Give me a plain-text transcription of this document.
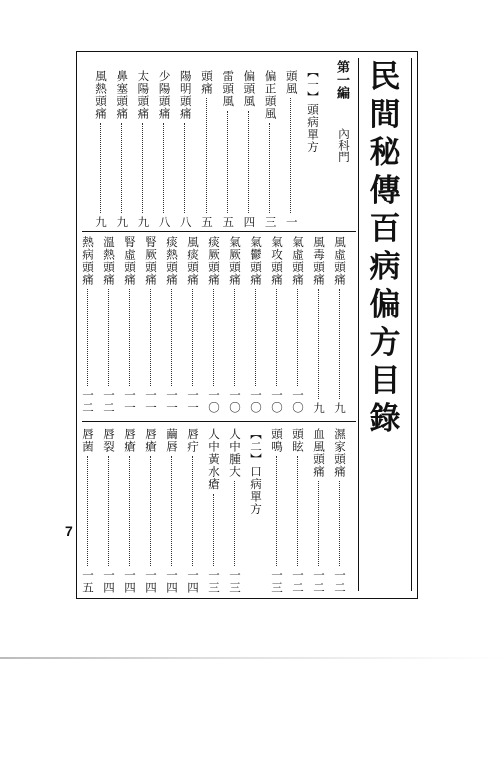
民
間
秘
傳
百
病
偏
方
目
錄
第一編
內科門
【一】頭病單方
頭風
一
偏正頭風
三
偏頭風
四
雷頭風
五
頭痛
五
陽明頭痛
八
少陽頭痛
八
太陽頭痛
九
鼻塞頭痛
九
風熱頭痛
九
風虛頭痛
九
風毒頭痛
九
氣虛頭痛
一〇
氣攻頭痛
一〇
氣鬱頭痛
一〇
氣厥頭痛
一〇
痰厥頭痛
一〇
風痰頭痛
一一
痰熱頭痛
一一
腎厥頭痛
一一
腎虛頭痛
一一
溫熱頭痛
一二
熱病頭痛
一二
濕家頭痛
一二
血風頭痛
一二
頭眩
一二
頭鳴
一三
【二】口病單方
人中腫大
一三
人中黃水瘡
一三
唇疔
一四
繭唇
一四
唇瘡
一四
唇瘡
一四
唇裂
一四
唇菌
一五
7
